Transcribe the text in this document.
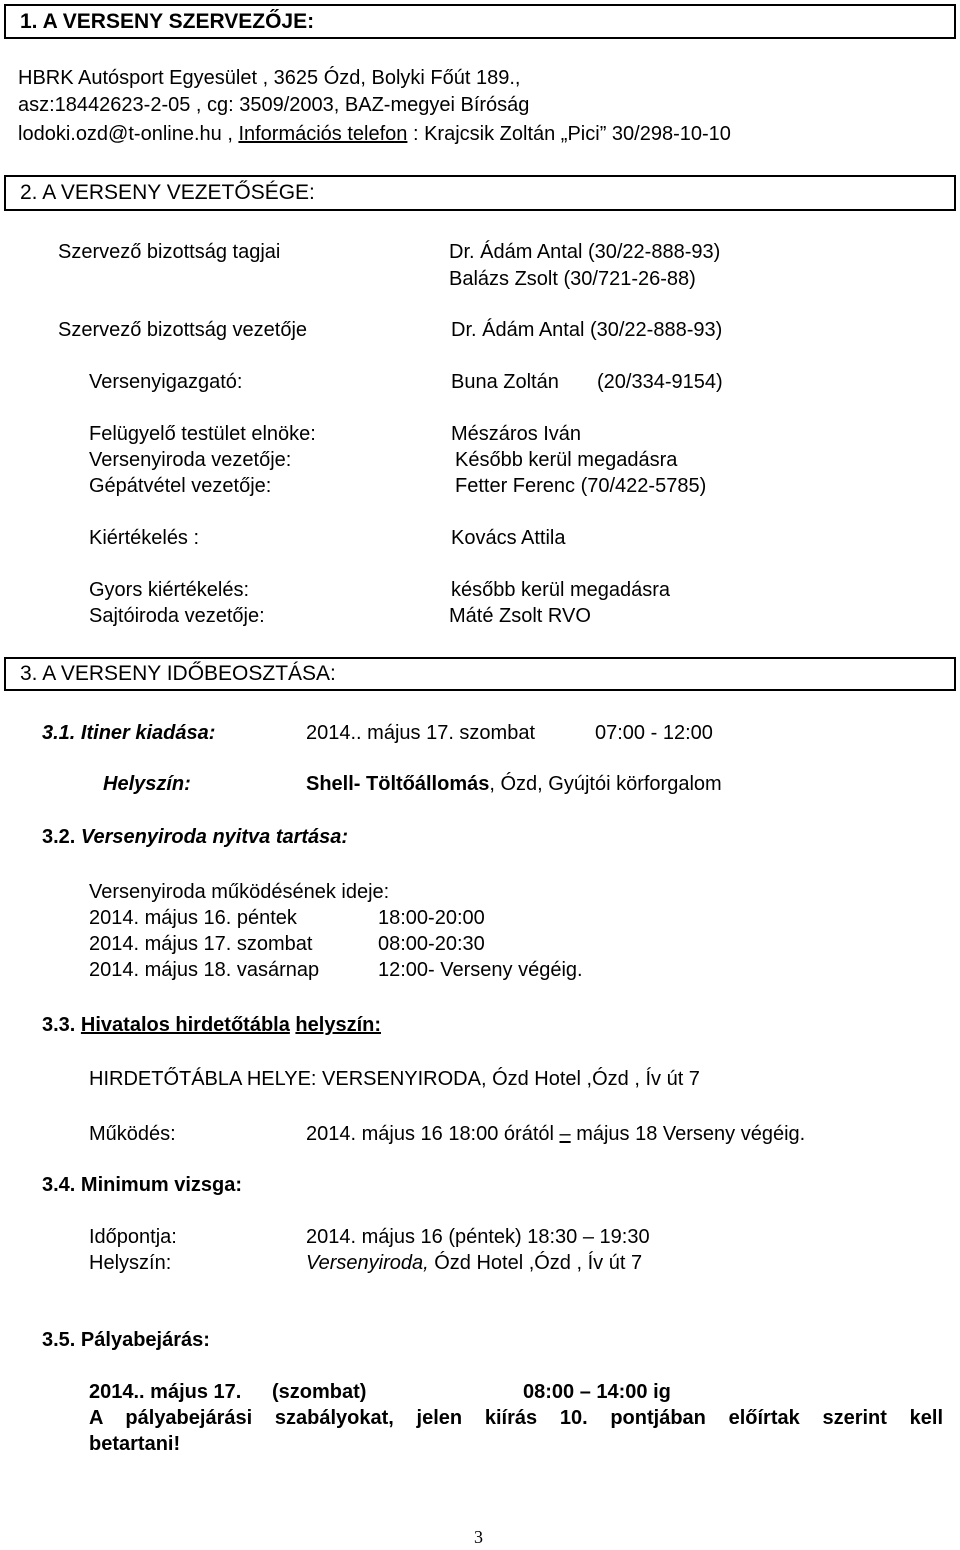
1. A VERSENY SZERVEZŐJE:
HBRK Autósport Egyesület , 3625 Ózd, Bolyki Főút 189.,
asz:18442623-2-05 , cg: 3509/2003, BAZ-megyei Bíróság
lodoki.ozd@t-online.hu , Információs telefon : Krajcsik Zoltán „Pici” 30/298-10-10
2. A VERSENY VEZETŐSÉGE:
Szervező bizottság tagjai	Dr. Ádám Antal (30/22-888-93)
Balázs Zsolt (30/721-26-88)
Szervező bizottság vezetője	Dr. Ádám Antal (30/22-888-93)
Versenyigazgató:	Buna Zoltán (20/334-9154)
Felügyelő testület elnöke:	Mészáros Iván
Versenyiroda vezetője:	Később kerül megadásra
Gépátvétel vezetője:	Fetter Ferenc (70/422-5785)
Kiértékelés :	Kovács Attila
Gyors kiértékelés:	később kerül megadásra
Sajtóiroda vezetője:	Máté Zsolt RVO
3. A VERSENY IDŐBEOSZTÁSA:
3.1. Itiner kiadása:	2014.. május 17. szombat	07:00 - 12:00
Helyszín:	Shell- Töltőállomás, Ózd, Gyújtói körforgalom
3.2. Versenyiroda nyitva tartása:
Versenyiroda működésének ideje:
2014. május 16. péntek	18:00-20:00
2014. május 17. szombat	08:00-20:30
2014. május 18. vasárnap	12:00- Verseny végéig.
3.3. Hivatalos hirdetőtábla helyszín:
HIRDETŐTÁBLA HELYE: VERSENYIRODA, Ózd Hotel ,Ózd , Ív út 7
Működés:	2014. május 16 18:00 órától – május 18 Verseny végéig.
3.4. Minimum vizsga:
Időpontja:	2014. május 16 (péntek) 18:30 – 19:30
Helyszín:	Versenyiroda, Ózd Hotel ,Ózd , Ív út 7
3.5. Pályabejárás:
2014.. május 17. (szombat)	08:00 – 14:00 ig
A pályabejárási szabályokat, jelen kiírás 10. pontjában előírtak szerint kell
betartani!
3
